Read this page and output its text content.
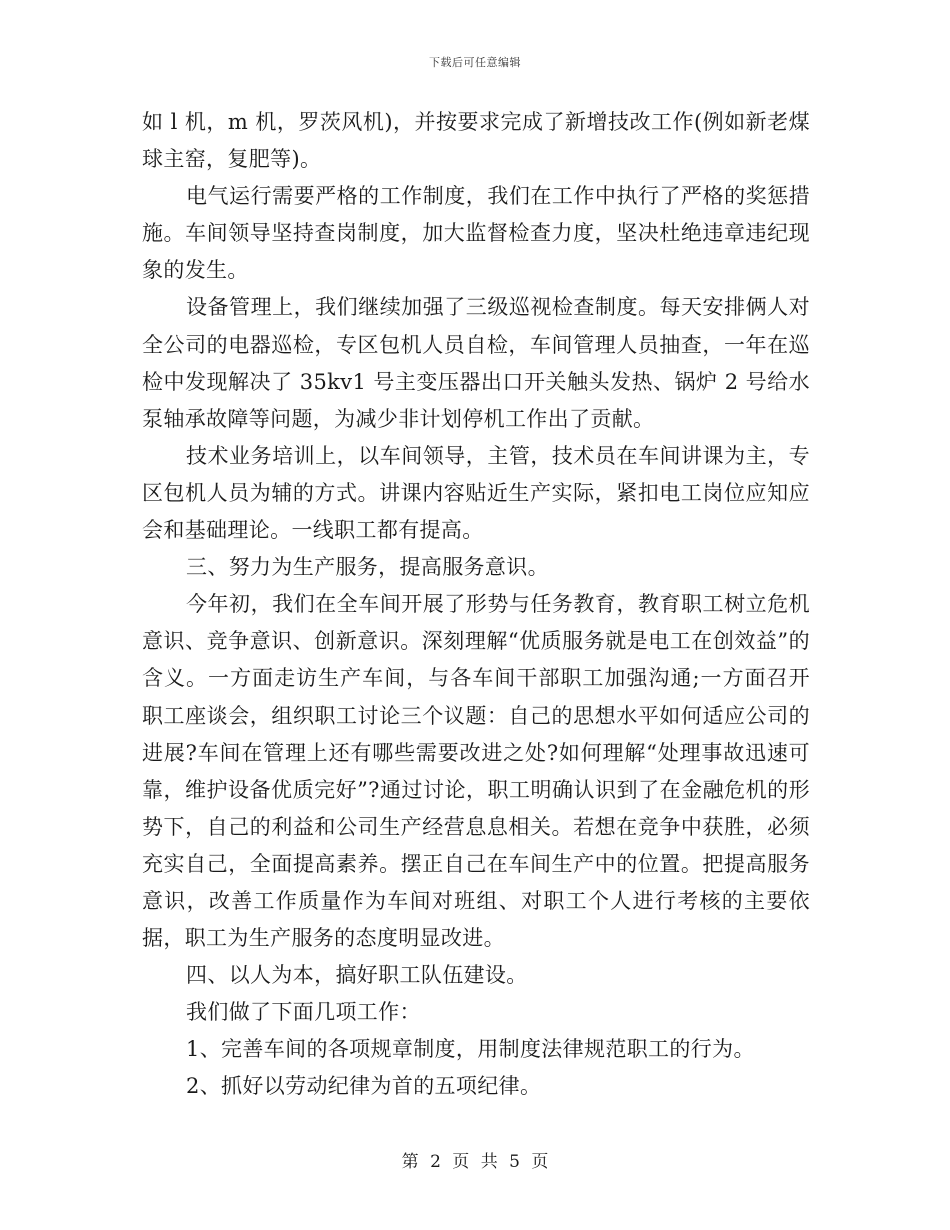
下载后可任意编辑

如 l 机，m 机，罗茨风机)，并按要求完成了新增技改工作(例如新老煤球主窑，复肥等)。

电气运行需要严格的工作制度，我们在工作中执行了严格的奖惩措施。车间领导坚持查岗制度，加大监督检查力度，坚决杜绝违章违纪现象的发生。

设备管理上，我们继续加强了三级巡视检查制度。每天安排俩人对全公司的电器巡检，专区包机人员自检，车间管理人员抽查，一年在巡检中发现解决了 35kv1 号主变压器出口开关触头发热、锅炉 2 号给水泵轴承故障等问题，为减少非计划停机工作出了贡献。

技术业务培训上，以车间领导，主管，技术员在车间讲课为主，专区包机人员为辅的方式。讲课内容贴近生产实际，紧扣电工岗位应知应会和基础理论。一线职工都有提高。

三、努力为生产服务，提高服务意识。

今年初，我们在全车间开展了形势与任务教育，教育职工树立危机意识、竞争意识、创新意识。深刻理解“优质服务就是电工在创效益”的含义。一方面走访生产车间，与各车间干部职工加强沟通;一方面召开职工座谈会，组织职工讨论三个议题：自己的思想水平如何适应公司的进展?车间在管理上还有哪些需要改进之处?如何理解“处理事故迅速可靠，维护设备优质完好”?通过讨论，职工明确认识到了在金融危机的形势下，自己的利益和公司生产经营息息相关。若想在竞争中获胜，必须充实自己，全面提高素养。摆正自己在车间生产中的位置。把提高服务意识，改善工作质量作为车间对班组、对职工个人进行考核的主要依据，职工为生产服务的态度明显改进。

四、以人为本，搞好职工队伍建设。

我们做了下面几项工作：

1、完善车间的各项规章制度，用制度法律规范职工的行为。

2、抓好以劳动纪律为首的五项纪律。

第 2 页 共 5 页
